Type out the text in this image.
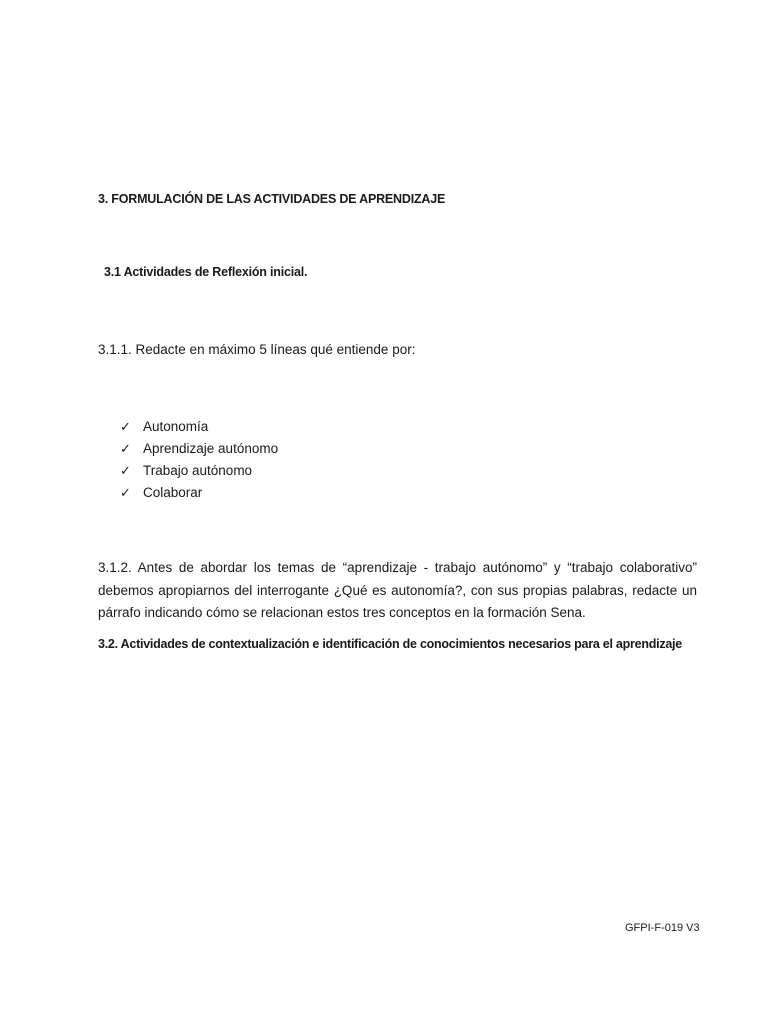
3. FORMULACIÓN DE LAS ACTIVIDADES DE APRENDIZAJE
3.1 Actividades de Reflexión inicial.
3.1.1. Redacte en máximo 5 líneas qué entiende por:
✓ Autonomía
✓ Aprendizaje autónomo
✓ Trabajo autónomo
✓ Colaborar

3.1.2. Antes de abordar los temas de “aprendizaje - trabajo autónomo” y “trabajo colaborativo” debemos apropiarnos del interrogante ¿Qué es autonomía?, con sus propias palabras, redacte un párrafo indicando cómo se relacionan estos tres conceptos en la formación Sena.

3.2. Actividades de contextualización e identificación de conocimientos necesarios para el aprendizaje
GFPI-F-019 V3
